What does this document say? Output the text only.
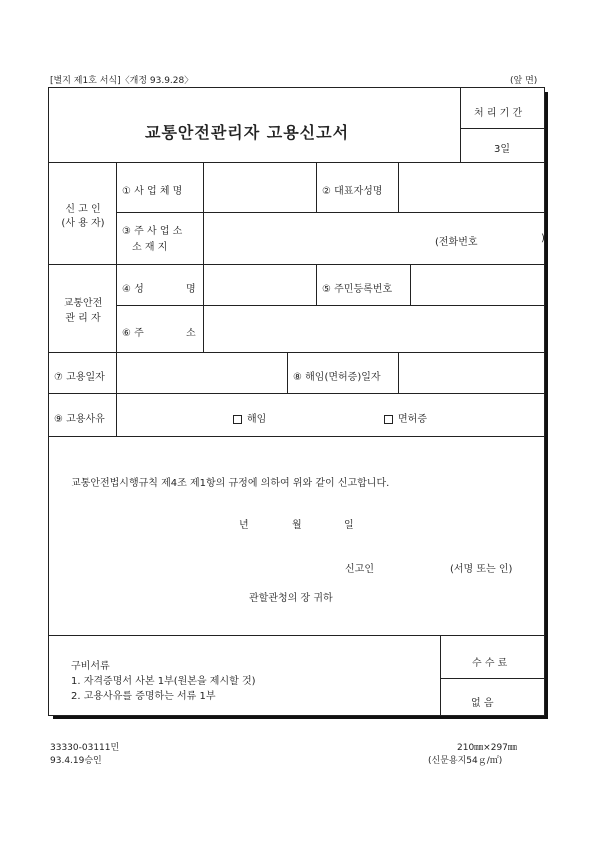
[별지 제1호 서식]〈개정 93.9.28〉	(앞 면)
교통안전관리자 고용신고서
처 리 기 간
3일
신 고 인
(사 용 자)
① 사 업 체 명	② 대표자성명
③ 주 사 업 소
소 재 지	(전화번호	)
교통안전
관 리 자
④ 성	명	⑤ 주민등록번호
⑥ 주	소
⑦ 고용일자	⑧ 해임(면허증)일자
⑨ 고용사유	해임	면허증
교통안전법시행규칙 제4조 제1항의 규정에 의하여 위와 같이 신고합니다.
년	월	일
신고인	(서명 또는 인)
관할관청의 장 귀하
구비서류
1. 자격증명서 사본 1부(원본을 제시할 것)
2. 고용사유를 증명하는 서류 1부
수 수 료
없 음
33330-03111민
93.4.19승인
210㎜×297㎜
(신문용지54ｇ/㎡)
